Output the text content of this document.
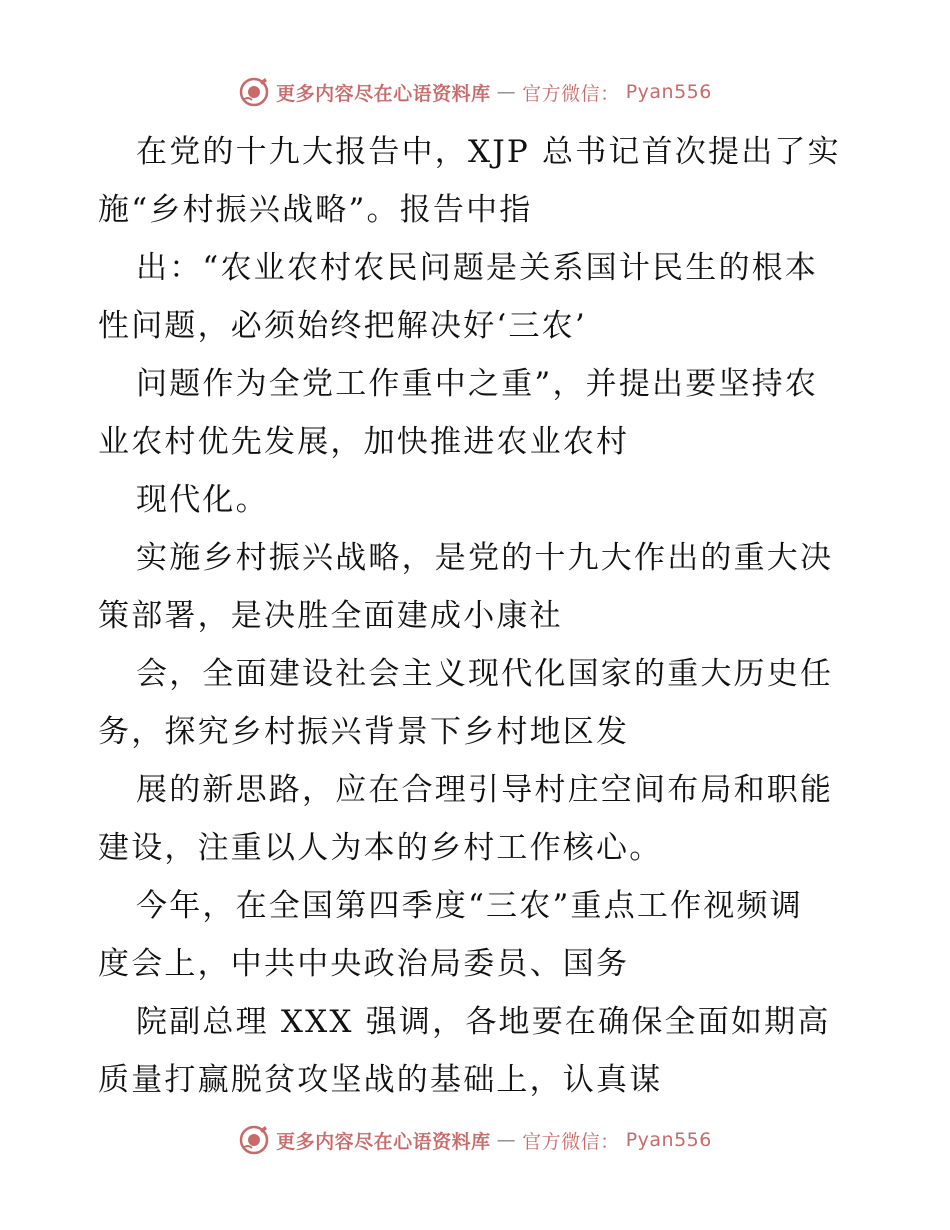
更多内容尽在心语资料库 — 官方微信： Pyan556
在党的十九大报告中，XJP 总书记首次提出了实
施“乡村振兴战略”。报告中指
出：“农业农村农民问题是关系国计民生的根本
性问题，必须始终把解决好‘三农’
问题作为全党工作重中之重”，并提出要坚持农
业农村优先发展，加快推进农业农村
现代化。
实施乡村振兴战略，是党的十九大作出的重大决
策部署，是决胜全面建成小康社
会，全面建设社会主义现代化国家的重大历史任
务，探究乡村振兴背景下乡村地区发
展的新思路，应在合理引导村庄空间布局和职能
建设，注重以人为本的乡村工作核心。
今年，在全国第四季度“三农”重点工作视频调
度会上，中共中央政治局委员、国务
院副总理 XXX 强调，各地要在确保全面如期高
质量打赢脱贫攻坚战的基础上，认真谋
更多内容尽在心语资料库 — 官方微信： Pyan556
